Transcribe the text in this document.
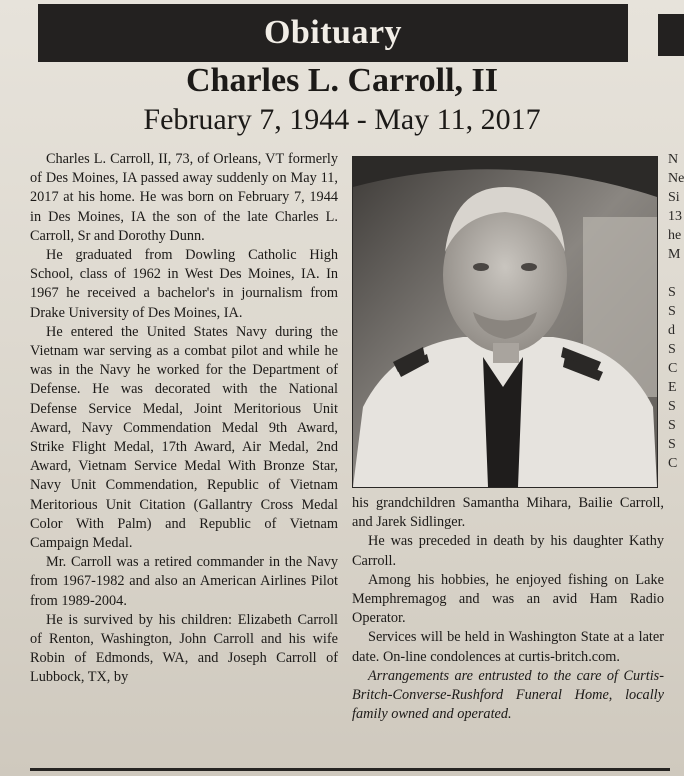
Obituary
Charles L. Carroll, II
February 7, 1944 - May 11, 2017

Charles L. Carroll, II, 73, of Orleans, VT formerly of Des Moines, IA passed away suddenly on May 11, 2017 at his home. He was born on February 7, 1944 in Des Moines, IA the son of the late Charles L. Carroll, Sr and Dorothy Dunn.

He graduated from Dowling Catholic High School, class of 1962 in West Des Moines, IA. In 1967 he received a bachelor's in journalism from Drake University of Des Moines, IA.

He entered the United States Navy during the Vietnam war serving as a combat pilot and while he was in the Navy he worked for the Department of Defense. He was decorated with the National Defense Service Medal, Joint Meritorious Unit Award, Navy Commendation Medal 9th Award, Strike Flight Medal, 17th Award, Air Medal, 2nd Award, Vietnam Service Medal With Bronze Star, Navy Unit Commendation, Republic of Vietnam Meritorious Unit Citation (Gallantry Cross Medal Color With Palm) and Republic of Vietnam Campaign Medal.

Mr. Carroll was a retired commander in the Navy from 1967-1982 and also an American Airlines Pilot from 1989-2004.

He is survived by his children: Elizabeth Carroll of Renton, Washington, John Carroll and his wife Robin of Edmonds, WA, and Joseph Carroll of Lubbock, TX, by

his grandchildren Samantha Mihara, Bailie Carroll, and Jarek Sidlinger.

He was preceded in death by his daughter Kathy Carroll.

Among his hobbies, he enjoyed fishing on Lake Memphremagog and was an avid Ham Radio Operator.

Services will be held in Washington State at a later date. On-line condolences at curtis-britch.com.

Arrangements are entrusted to the care of Curtis-Britch-Converse-Rushford Funeral Home, locally family owned and operated.

N
Ne
Si
13
he
M

S
S
d
S
C
E
S
S
S
C
